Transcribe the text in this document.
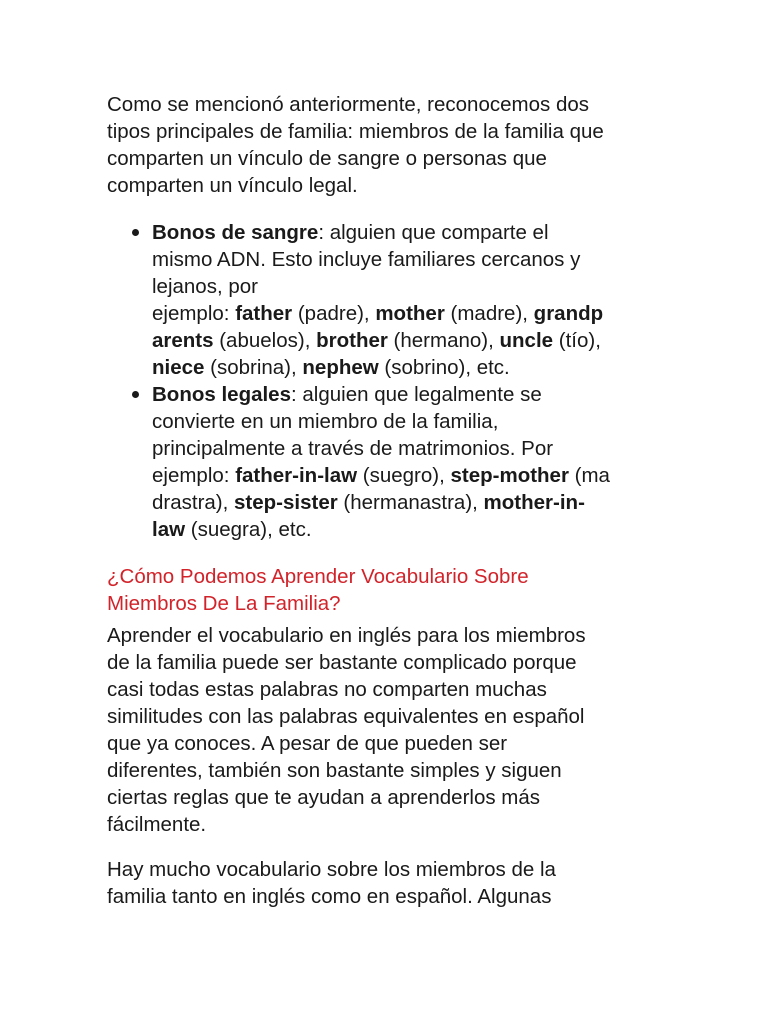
Como se mencionó anteriormente, reconocemos dos
tipos principales de familia: miembros de la familia que
comparten un vínculo de sangre o personas que
comparten un vínculo legal.
Bonos de sangre: alguien que comparte el
mismo ADN. Esto incluye familiares cercanos y
lejanos, por
ejemplo: father (padre), mother (madre), grandp
arents (abuelos), brother (hermano), uncle (tío),
niece (sobrina), nephew (sobrino), etc.
Bonos legales: alguien que legalmente se
convierte en un miembro de la familia,
principalmente a través de matrimonios. Por
ejemplo: father-in-law (suegro), step-mother (ma
drastra), step-sister (hermanastra), mother-in-
law (suegra), etc.
¿Cómo Podemos Aprender Vocabulario Sobre
Miembros De La Familia?
Aprender el vocabulario en inglés para los miembros
de la familia puede ser bastante complicado porque
casi todas estas palabras no comparten muchas
similitudes con las palabras equivalentes en español
que ya conoces. A pesar de que pueden ser
diferentes, también son bastante simples y siguen
ciertas reglas que te ayudan a aprenderlos más
fácilmente.
Hay mucho vocabulario sobre los miembros de la
familia tanto en inglés como en español. Algunas
